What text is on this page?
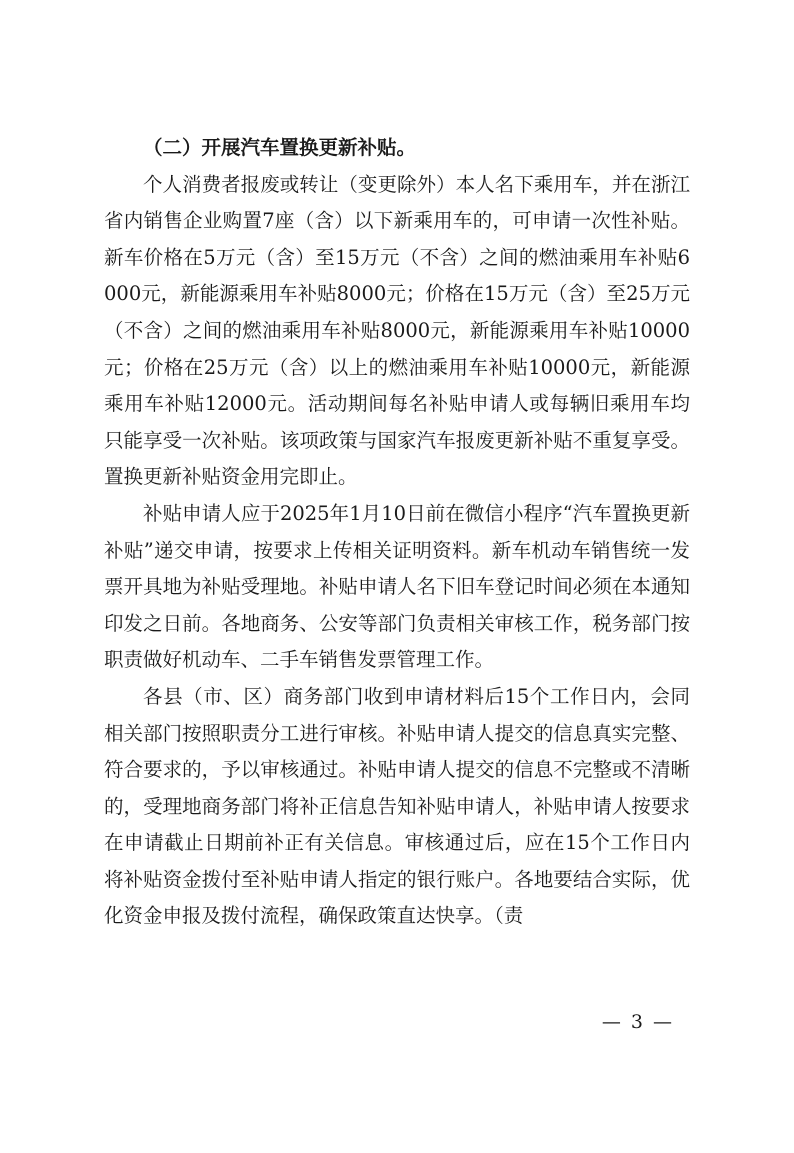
（二）开展汽车置换更新补贴。

个人消费者报废或转让（变更除外）本人名下乘用车，并在浙江省内销售企业购置7座（含）以下新乘用车的，可申请一次性补贴。新车价格在5万元（含）至15万元（不含）之间的燃油乘用车补贴6000元，新能源乘用车补贴8000元；价格在15万元（含）至25万元（不含）之间的燃油乘用车补贴8000元，新能源乘用车补贴10000元；价格在25万元（含）以上的燃油乘用车补贴10000元，新能源乘用车补贴12000元。活动期间每名补贴申请人或每辆旧乘用车均只能享受一次补贴。该项政策与国家汽车报废更新补贴不重复享受。置换更新补贴资金用完即止。

补贴申请人应于2025年1月10日前在微信小程序“汽车置换更新补贴”递交申请，按要求上传相关证明资料。新车机动车销售统一发票开具地为补贴受理地。补贴申请人名下旧车登记时间必须在本通知印发之日前。各地商务、公安等部门负责相关审核工作，税务部门按职责做好机动车、二手车销售发票管理工作。

各县（市、区）商务部门收到申请材料后15个工作日内，会同相关部门按照职责分工进行审核。补贴申请人提交的信息真实完整、符合要求的，予以审核通过。补贴申请人提交的信息不完整或不清晰的，受理地商务部门将补正信息告知补贴申请人，补贴申请人按要求在申请截止日期前补正有关信息。审核通过后，应在15个工作日内将补贴资金拨付至补贴申请人指定的银行账户。各地要结合实际，优化资金申报及拨付流程，确保政策直达快享。（责

— 3 —
